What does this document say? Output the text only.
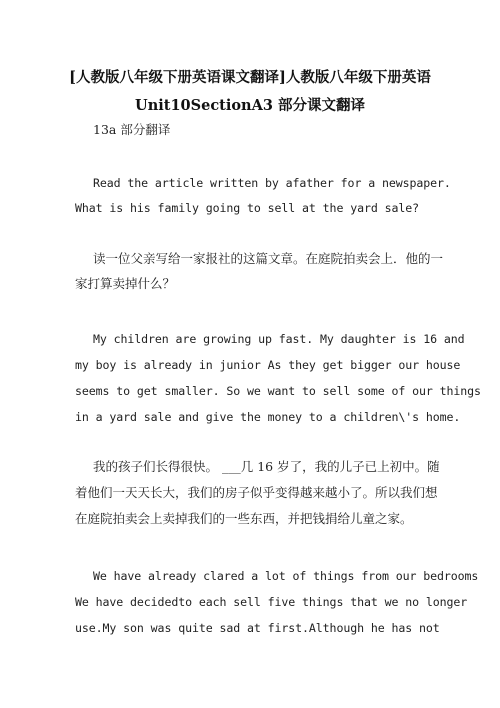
[人教版八年级下册英语课文翻译]人教版八年级下册英语
Unit10SectionA3 部分课文翻译
13a 部分翻译
Read the article written by afather for a newspaper.
What is his family going to sell at the yard sale?
读一位父亲写给一家报社的这篇文章。在庭院拍卖会上．他的一
家打算卖掉什么？
My children are growing up fast. My daughter is 16 and
my boy is already in junior As they get bigger our house
seems to get smaller. So we want to sell some of our things
in a yard sale and give the money to a children\'s home.
我的孩子们长得很快。 ___几 16 岁了，我的儿子已上初中。随
着他们一天天长大，我们的房子似乎变得越来越小了。所以我们想
在庭院拍卖会上卖掉我们的一些东西，并把钱捐给儿童之家。
We have already clared a lot of things from our bedrooms
We have decidedto each sell five things that we no longer
use.My son was quite sad at first.Although he has not
